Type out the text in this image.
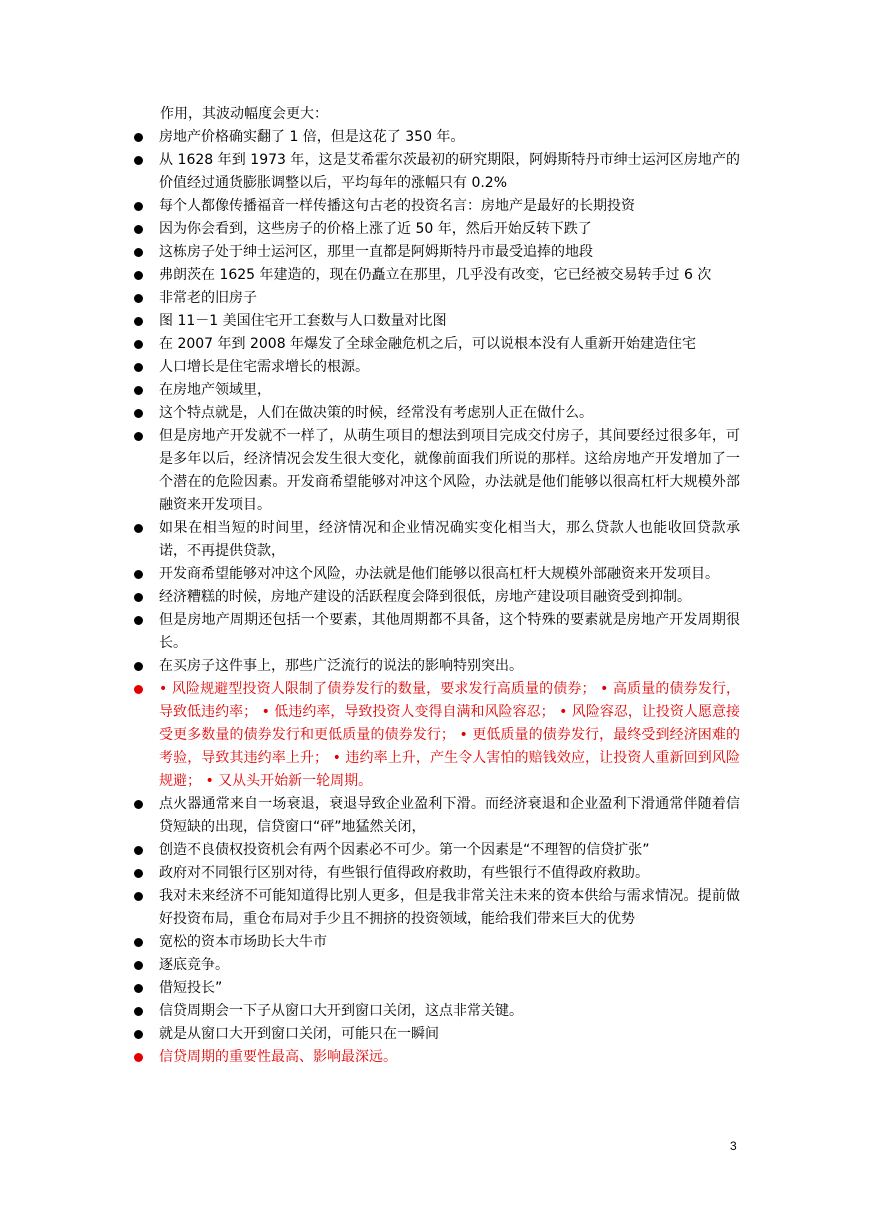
作用，其波动幅度会更大：
房地产价格确实翻了 1 倍，但是这花了 350 年。
从 1628 年到 1973 年，这是艾希霍尔茨最初的研究期限，阿姆斯特丹市绅士运河区房地产的价值经过通货膨胀调整以后，平均每年的涨幅只有 0.2%
每个人都像传播福音一样传播这句古老的投资名言：房地产是最好的长期投资
因为你会看到，这些房子的价格上涨了近 50 年，然后开始反转下跌了
这栋房子处于绅士运河区，那里一直都是阿姆斯特丹市最受追捧的地段
弗朗茨在 1625 年建造的，现在仍矗立在那里，几乎没有改变，它已经被交易转手过 6 次
非常老的旧房子
图 11－1 美国住宅开工套数与人口数量对比图
在 2007 年到 2008 年爆发了全球金融危机之后，可以说根本没有人重新开始建造住宅
人口增长是住宅需求增长的根源。
在房地产领域里，
这个特点就是，人们在做决策的时候，经常没有考虑别人正在做什么。
但是房地产开发就不一样了，从萌生项目的想法到项目完成交付房子，其间要经过很多年，可是多年以后，经济情况会发生很大变化，就像前面我们所说的那样。这给房地产开发增加了一个潜在的危险因素。开发商希望能够对冲这个风险，办法就是他们能够以很高杠杆大规模外部融资来开发项目。
如果在相当短的时间里，经济情况和企业情况确实变化相当大，那么贷款人也能收回贷款承诺，不再提供贷款，
开发商希望能够对冲这个风险，办法就是他们能够以很高杠杆大规模外部融资来开发项目。
经济糟糕的时候，房地产建设的活跃程度会降到很低，房地产建设项目融资受到抑制。
但是房地产周期还包括一个要素，其他周期都不具备，这个特殊的要素就是房地产开发周期很长。
在买房子这件事上，那些广泛流行的说法的影响特别突出。
• 风险规避型投资人限制了债券发行的数量，要求发行高质量的债券； • 高质量的债券发行，导致低违约率； • 低违约率，导致投资人变得自满和风险容忍； • 风险容忍，让投资人愿意接受更多数量的债券发行和更低质量的债券发行； • 更低质量的债券发行，最终受到经济困难的考验，导致其违约率上升； • 违约率上升，产生令人害怕的赔钱效应，让投资人重新回到风险规避； • 又从头开始新一轮周期。
点火器通常来自一场衰退，衰退导致企业盈利下滑。而经济衰退和企业盈利下滑通常伴随着信贷短缺的出现，信贷窗口“砰”地猛然关闭，
创造不良债权投资机会有两个因素必不可少。第一个因素是“不理智的信贷扩张”
政府对不同银行区别对待，有些银行值得政府救助，有些银行不值得政府救助。
我对未来经济不可能知道得比别人更多，但是我非常关注未来的资本供给与需求情况。提前做好投资布局，重仓布局对手少且不拥挤的投资领域，能给我们带来巨大的优势
宽松的资本市场助长大牛市
逐底竞争。
借短投长”
信贷周期会一下子从窗口大开到窗口关闭，这点非常关键。
就是从窗口大开到窗口关闭，可能只在一瞬间
信贷周期的重要性最高、影响最深远。
3
